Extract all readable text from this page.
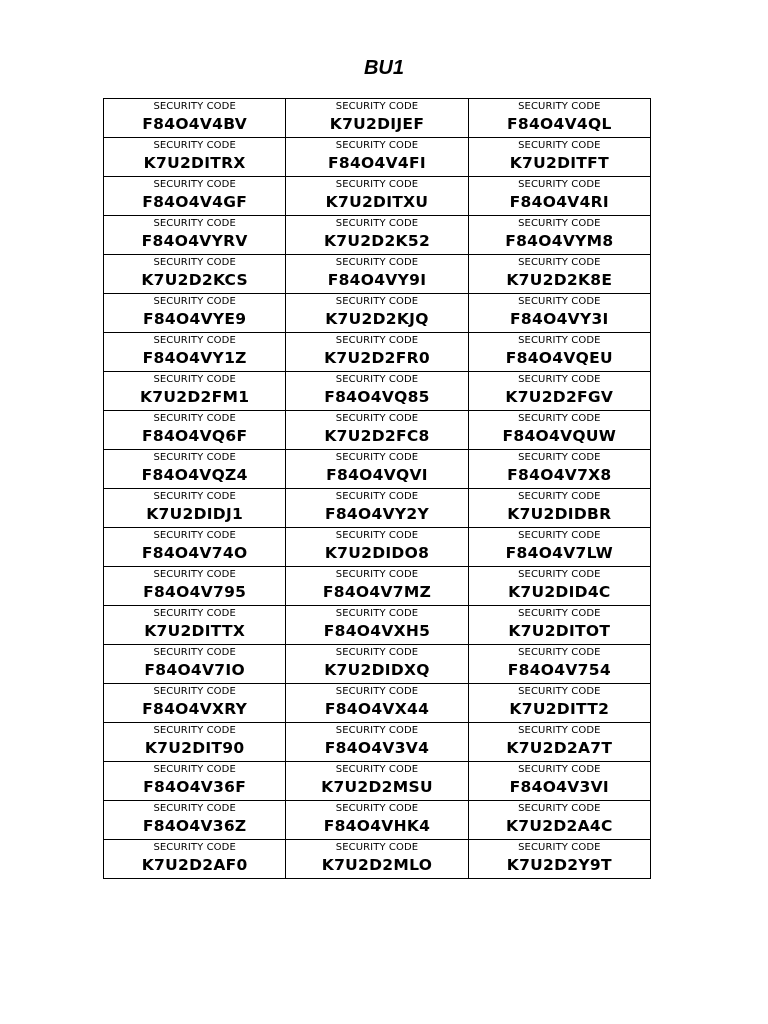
BU1
SECURITY CODE
F84O4V4BV	SECURITY CODE
K7U2DIJEF	SECURITY CODE
F84O4V4QL

SECURITY CODE
K7U2DITRX	SECURITY CODE
F84O4V4FI	SECURITY CODE
K7U2DITFT

SECURITY CODE
F84O4V4GF	SECURITY CODE
K7U2DITXU	SECURITY CODE
F84O4V4RI

SECURITY CODE
F84O4VYRV	SECURITY CODE
K7U2D2K52	SECURITY CODE
F84O4VYM8

SECURITY CODE
K7U2D2KCS	SECURITY CODE
F84O4VY9I	SECURITY CODE
K7U2D2K8E

SECURITY CODE
F84O4VYE9	SECURITY CODE
K7U2D2KJQ	SECURITY CODE
F84O4VY3I

SECURITY CODE
F84O4VY1Z	SECURITY CODE
K7U2D2FR0	SECURITY CODE
F84O4VQEU

SECURITY CODE
K7U2D2FM1	SECURITY CODE
F84O4VQ85	SECURITY CODE
K7U2D2FGV

SECURITY CODE
F84O4VQ6F	SECURITY CODE
K7U2D2FC8	SECURITY CODE
F84O4VQUW

SECURITY CODE
F84O4VQZ4	SECURITY CODE
F84O4VQVI	SECURITY CODE
F84O4V7X8

SECURITY CODE
K7U2DIDJ1	SECURITY CODE
F84O4VY2Y	SECURITY CODE
K7U2DIDBR

SECURITY CODE
F84O4V74O	SECURITY CODE
K7U2DIDO8	SECURITY CODE
F84O4V7LW

SECURITY CODE
F84O4V795	SECURITY CODE
F84O4V7MZ	SECURITY CODE
K7U2DID4C

SECURITY CODE
K7U2DITTX	SECURITY CODE
F84O4VXH5	SECURITY CODE
K7U2DITOT

SECURITY CODE
F84O4V7IO	SECURITY CODE
K7U2DIDXQ	SECURITY CODE
F84O4V754

SECURITY CODE
F84O4VXRY	SECURITY CODE
F84O4VX44	SECURITY CODE
K7U2DITT2

SECURITY CODE
K7U2DIT90	SECURITY CODE
F84O4V3V4	SECURITY CODE
K7U2D2A7T

SECURITY CODE
F84O4V36F	SECURITY CODE
K7U2D2MSU	SECURITY CODE
F84O4V3VI

SECURITY CODE
F84O4V36Z	SECURITY CODE
F84O4VHK4	SECURITY CODE
K7U2D2A4C

SECURITY CODE
K7U2D2AF0	SECURITY CODE
K7U2D2MLO	SECURITY CODE
K7U2D2Y9T
